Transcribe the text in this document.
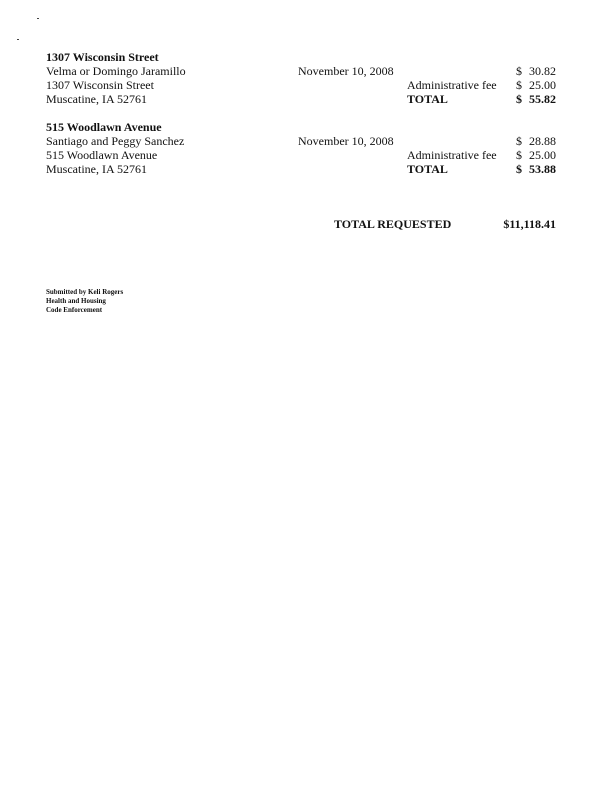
1307 Wisconsin Street
Velma or Domingo Jaramillo
1307 Wisconsin Street
Muscatine, IA 52761
November 10, 2008
Administrative fee
TOTAL
$ 30.82
$ 25.00
$ 55.82
515 Woodlawn Avenue
Santiago and Peggy Sanchez
515 Woodlawn Avenue
Muscatine, IA 52761
November 10, 2008
Administrative fee
TOTAL
$ 28.88
$ 25.00
$ 53.88
TOTAL REQUESTED	$11,118.41
Submitted by Keli Rogers
Health and Housing
Code Enforcement
